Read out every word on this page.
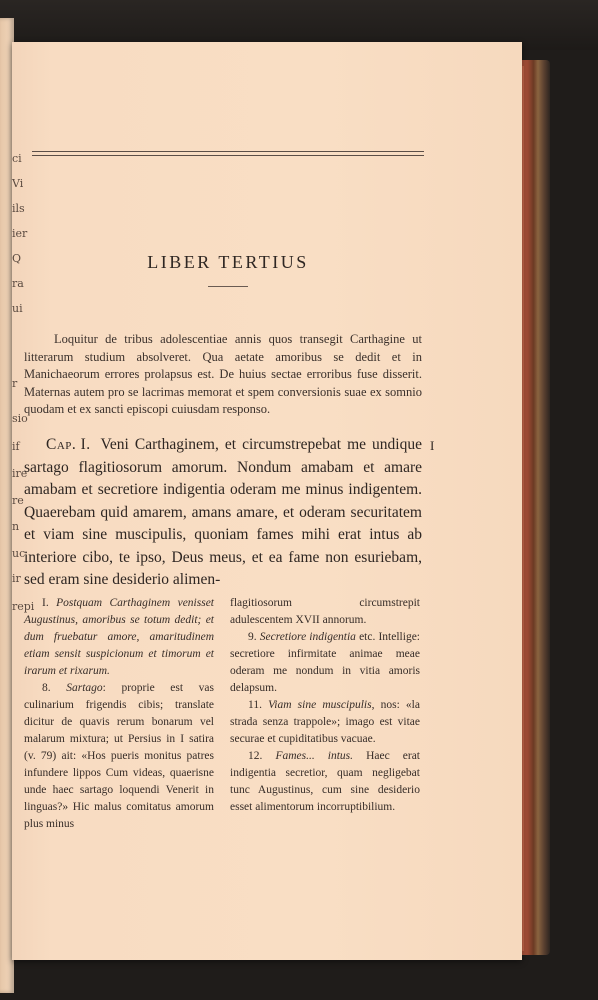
ci
Vi
ils
ier
Q
ra
ui
r
sio
if
ire
re
n
uc
ir
repi
LIBER TERTIUS

Loquitur de tribus adolescentiae annis quos transegit Carthagine ut litterarum studium absolveret. Qua aetate amoribus se dedit et in Manichaeorum errores prolapsus est. De huius sectae erroribus fuse disserit. Maternas autem pro se lacrimas memorat et spem conversionis suae ex somnio quodam et ex sancti episcopi cuiusdam responso.

Cap. I. Veni Carthaginem, et circumstrepebat me undique sartago flagitiosorum amorum. Nondum amabam et amare amabam et secretiore indigentia oderam me minus indigentem. Quaerebam quid amarem, amans amare, et oderam securitatem et viam sine muscipulis, quoniam fames mihi erat intus ab interiore cibo, te ipso, Deus meus, et ea fame non esuriebam, sed eram sine desiderio alimen-
I

I. Postquam Carthaginem venisset Augustinus, amoribus se totum dedit; et dum fruebatur amore, amaritudinem etiam sensit suspicionum et timorum et irarum et rixarum.

8. Sartago: proprie est vas culinarium frigendis cibis; translate dicitur de quavis rerum bonarum vel malarum mixtura; ut Persius in I satira (v. 79) ait: «Hos pueris monitus patres infundere lippos Cum videas, quaerisne unde haec sartago loquendi Venerit in linguas?» Hic malus comitatus amorum plus minus

flagitiosorum circumstrepit adulescentem XVII annorum.

9. Secretiore indigentia etc. Intellige: secretiore infirmitate animae meae oderam me nondum in vitia amoris delapsum.

11. Viam sine muscipulis, nos: «la strada senza trappole»; imago est vitae securae et cupiditatibus vacuae.

12. Fames... intus. Haec erat indigentia secretior, quam negligebat tunc Augustinus, cum sine desiderio esset alimentorum incorruptibilium.
